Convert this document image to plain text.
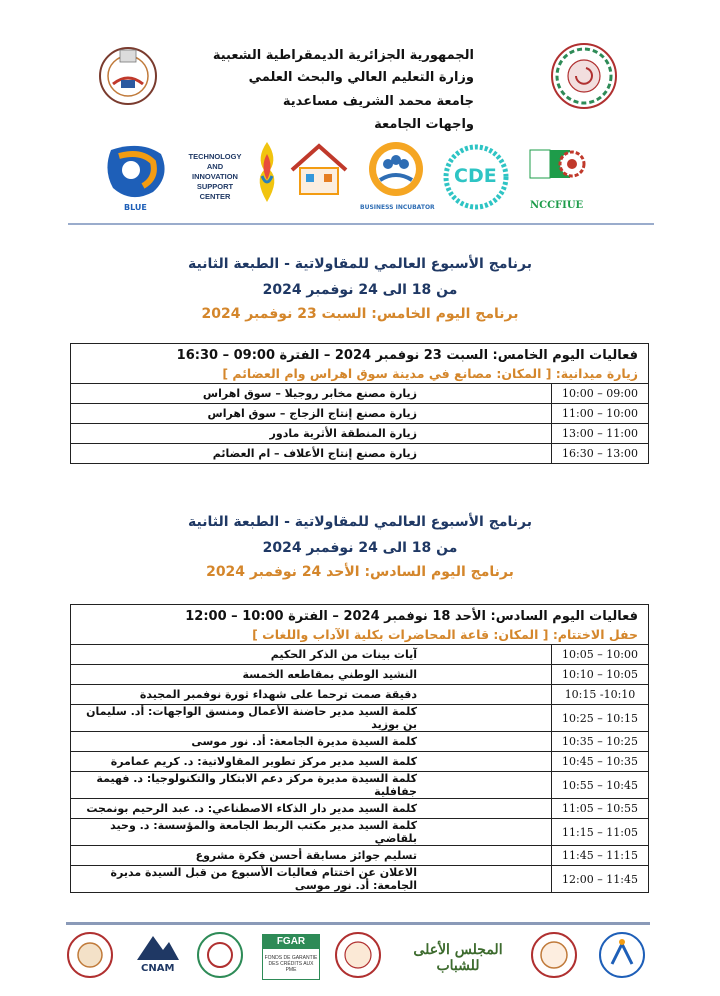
الجمهورية الجزائرية الديمقراطية الشعبية
وزارة التعليم العالي والبحث العلمي
جامعة محمد الشريف مساعدية
واجهات الجامعة
BLUE
TECHNOLOGY AND
INNOVATION
SUPPORT CENTER
BUSINESS INCUBATOR
CDE
NCCFIUE
برنامج الأسبوع العالمي للمقاولاتية - الطبعة الثانية
من 18 الى 24 نوفمبر 2024
برنامج اليوم الخامس: السبت 23 نوفمبر 2024
فعاليات اليوم الخامس: السبت 23 نوفمبر 2024 – الفترة 09:00 – 16:30
زيارة ميدانية: [ المكان: مصانع في مدينة سوق اهراس وام العضائم ]	

زيارة مصنع مخابر روجيلا – سوق اهراس	10:00 – 09:00
زيارة مصنع إنتاج الزجاج – سوق اهراس	11:00 – 10:00
زيارة المنطقة الأثرية مادور	13:00 – 11:00
زيارة مصنع إنتاج الأعلاف – ام العضائم	16:30 – 13:00
برنامج الأسبوع العالمي للمقاولاتية - الطبعة الثانية
من 18 الى 24 نوفمبر 2024
برنامج اليوم السادس: الأحد 24 نوفمبر 2024
فعاليات اليوم السادس: الأحد 18 نوفمبر 2024 – الفترة 10:00 – 12:00
حفل الاختتام: [ المكان: قاعة المحاضرات بكلية الآداب واللغات ]	

آيات بينات من الذكر الحكيم	10:05 – 10:00
النشيد الوطني بمقاطعه الخمسة	10:10 – 10:05
دقيقة صمت ترحما على شهداء ثورة نوفمبر المجيدة	10:15 -10:10
كلمة السيد مدير حاضنة الأعمال ومنسق الواجهات: أد. سليمان بن بوزيد	10:25 – 10:15
كلمة السيدة مديرة الجامعة: أد. نور موسى	10:35 – 10:25
كلمة السيد مدير مركز تطوير المقاولاتية: د. كريم عمامرة	10:45 – 10:35
كلمة السيدة مديرة مركز دعم الابتكار والتكنولوجيا: د. فهيمة جفافلية	10:55 – 10:45
كلمة السيد مدير دار الذكاء الاصطناعي: د. عبد الرحيم بونمجت	11:05 – 10:55
كلمة السيد مدير مكتب الربط الجامعة والمؤسسة: د. وحيد بلقاضي	11:15 – 11:05
تسليم جوائز مسابقة أحسن فكرة مشروع	11:45 – 11:15
الاعلان عن اختتام فعاليات الأسبوع من قبل السيدة مديرة الجامعة: أد. نور موسى	12:00 – 11:45
CNAM
FGAR
FONDS DE GARANTIE
DES CRÉDITS AUX PME
المجلس الأعلى للشباب
